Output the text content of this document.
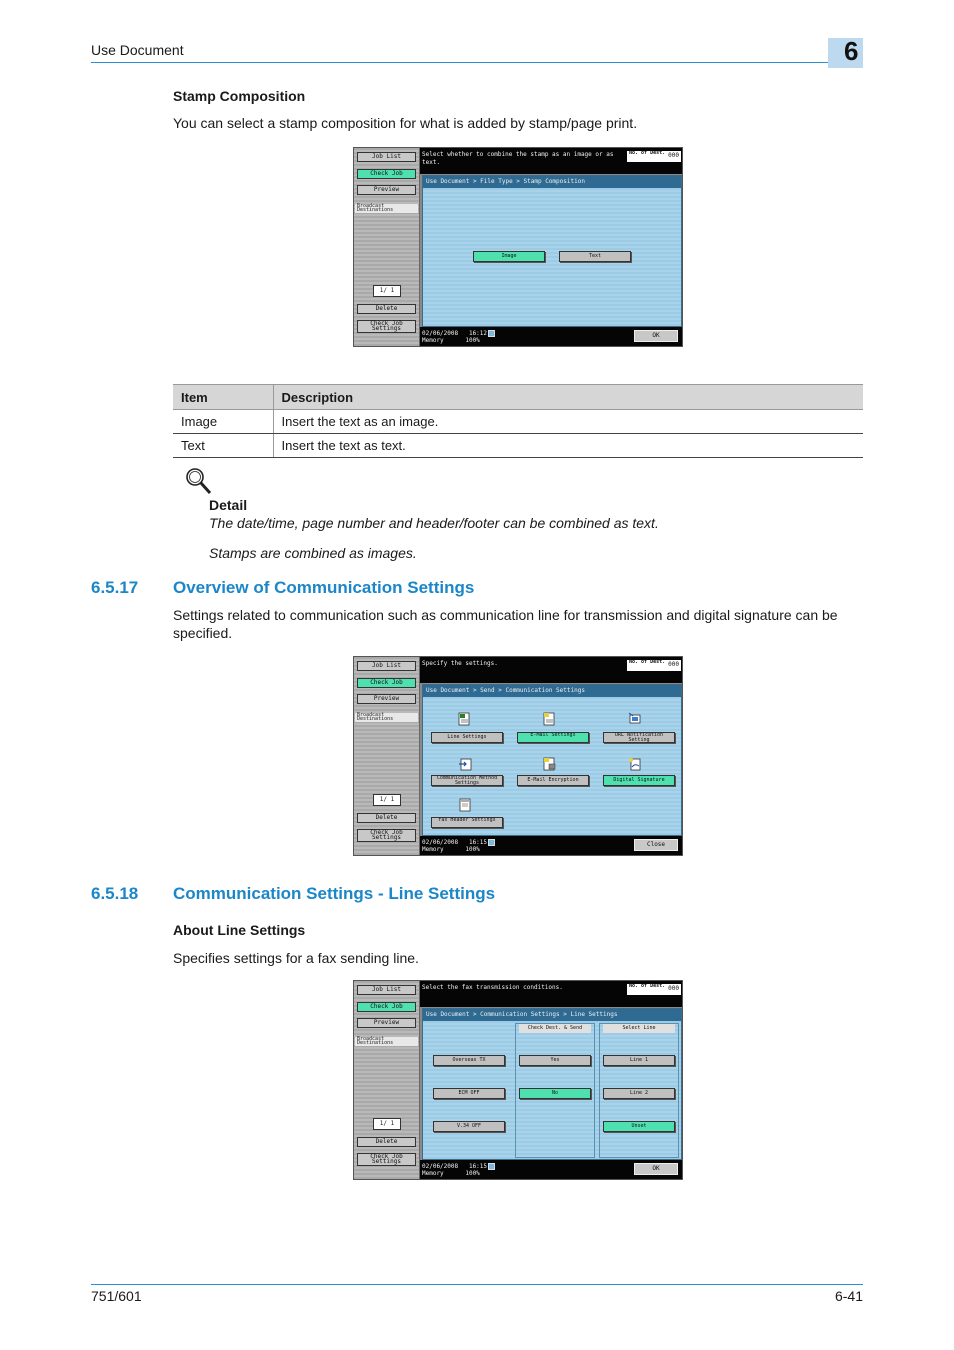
Use Document	6
Stamp Composition
You can select a stamp composition for what is added by stamp/page print.
Job List
Check Job
Preview
Broadcast Destinations
1/ 1
Delete
Check Job Settings
Select whether to combine the stamp as an image or as text.
No. of Dest. 000
Use Document > File Type > Stamp Composition
Image	Text
02/06/2008   16:12
Memory      100%
OK
Item	Description
Image	Insert the text as an image.
Text	Insert the text as text.
Detail
The date/time, page number and header/footer can be combined as text.
Stamps are combined as images.
6.5.17 Overview of Communication Settings
Settings related to communication such as communication line for transmission and digital signature can be
specified.
Job List
Check Job
Preview
Broadcast Destinations
1/ 1
Delete
Check Job Settings
Specify the settings.	No. of Dest. 000
Use Document > Send > Communication Settings
Line Settings	E-Mail Settings	URL Notification Setting
Communication Method Settings	E-Mail Encryption	Digital Signature
Fax Header Settings
02/06/2008   16:15
Memory      100%
Close
6.5.18 Communication Settings - Line Settings
About Line Settings
Specifies settings for a fax sending line.
Job List
Check Job
Preview
Broadcast Destinations
1/ 1
Delete
Check Job Settings
Select the fax transmission conditions.	No. of Dest. 000
Use Document > Communication Settings > Line Settings
Overseas TX
ECM OFF
V.34 OFF
Check Dest. & Send
Yes
No
Select Line
Line 1
Line 2
Unset
02/06/2008   16:15
Memory      100%
OK
751/601	6-41
